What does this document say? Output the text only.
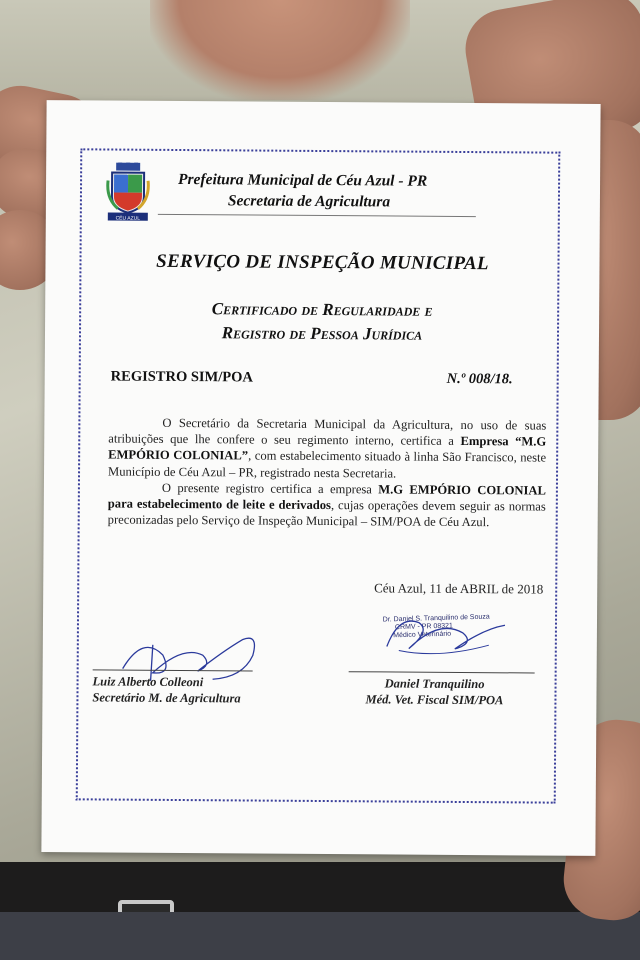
CÉU AZUL
Prefeitura Municipal de Céu Azul - PR
Secretaria de Agricultura
SERVIÇO DE INSPEÇÃO MUNICIPAL
Certificado de Regularidade e
Registro de Pessoa Jurídica
REGISTRO SIM/POA	N.º 008/18.

O Secretário da Secretaria Municipal da Agricultura, no uso de suas atribuições que lhe confere o seu regimento interno, certifica a Empresa “M.G EMPÓRIO COLONIAL”, com estabelecimento situado à linha São Francisco, neste Município de Céu Azul – PR, registrado nesta Secretaria.

O presente registro certifica a empresa M.G EMPÓRIO COLONIAL para estabelecimento de leite e derivados, cujas operações devem seguir as normas preconizadas pelo Serviço de Inspeção Municipal – SIM/POA de Céu Azul.

Céu Azul, 11 de ABRIL de 2018
Dr. Daniel S. Tranquilino de Souza
CRMV - PR 08321
Médico Veterinário
Luiz Alberto Colleoni
Secretário M. de Agricultura
Daniel Tranquilino
Méd. Vet. Fiscal SIM/POA
